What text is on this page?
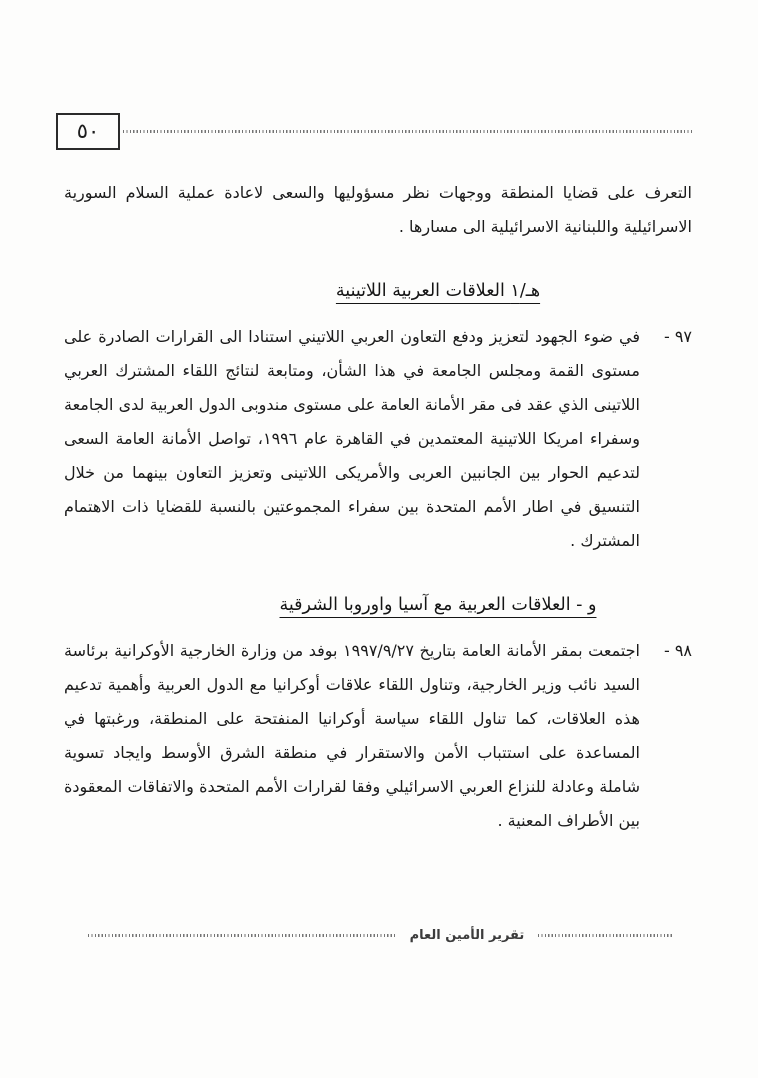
٥٠

التعرف على قضايا المنطقة ووجهات نظر مسؤوليها والسعى لاعادة عملية السلام السورية الاسرائيلية واللبنانية الاسرائيلية الى مسارها .

هـ/١ العلاقات العربية اللاتينية
٩٧ -

في ضوء الجهود لتعزيز ودفع التعاون العربي اللاتيني استنادا الى القرارات الصادرة على مستوى القمة ومجلس الجامعة في هذا الشأن، ومتابعة لنتائج اللقاء المشترك العربي اللاتينى الذي عقد فى مقر الأمانة العامة على مستوى مندوبى الدول العربية لدى الجامعة وسفراء امريكا اللاتينية المعتمدين في القاهرة عام ١٩٩٦، تواصل الأمانة العامة السعى لتدعيم الحوار بين الجانبين العربى والأمريكى اللاتينى وتعزيز التعاون بينهما من خلال التنسيق في اطار الأمم المتحدة بين سفراء المجموعتين بالنسبة للقضايا ذات الاهتمام المشترك .

و - العلاقات العربية مع آسيا واوروبا الشرقية
٩٨ -

اجتمعت بمقر الأمانة العامة بتاريخ ١٩٩٧/٩/٢٧ بوفد من وزارة الخارجية الأوكرانية برئاسة السيد نائب وزير الخارجية، وتناول اللقاء علاقات أوكرانيا مع الدول العربية وأهمية تدعيم هذه العلاقات، كما تناول اللقاء سياسة أوكرانيا المنفتحة على المنطقة، ورغبتها في المساعدة على استتباب الأمن والاستقرار في منطقة الشرق الأوسط وايجاد تسوية شاملة وعادلة للنزاع العربي الاسرائيلي وفقا لقرارات الأمم المتحدة والاتفاقات المعقودة بين الأطراف المعنية .

تقرير الأمين العام
